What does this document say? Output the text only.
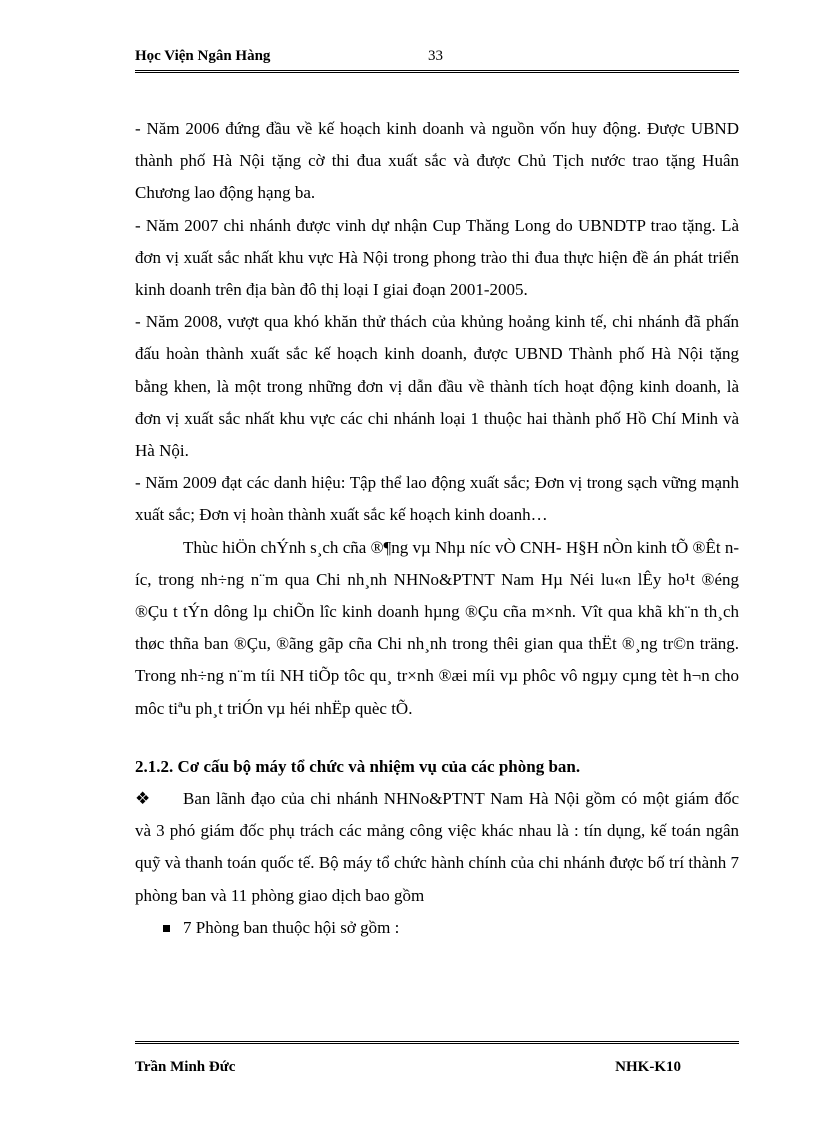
Học Viện Ngân Hàng	33

- Năm 2006 đứng đầu về kế hoạch kinh doanh và nguồn vốn huy động. Được UBND thành phố Hà Nội tặng cờ thi đua xuất sắc và được Chủ Tịch nước trao tặng Huân Chương lao động hạng ba.

- Năm 2007 chi nhánh được vinh dự nhận Cup Thăng Long do UBNDTP trao tặng. Là đơn vị xuất sắc nhất khu vực Hà Nội trong phong trào thi đua thực hiện đề án phát triển kinh doanh trên địa bàn đô thị loại I giai đoạn 2001-2005.

- Năm 2008, vượt qua khó khăn thử thách của khủng hoảng kinh tế, chi nhánh đã phấn đấu hoàn thành xuất sắc kế hoạch kinh doanh, được UBND Thành phố Hà Nội tặng bằng khen, là một trong những đơn vị dẫn đầu về thành tích hoạt động kinh doanh, là đơn vị xuất sắc nhất khu vực các chi nhánh loại 1 thuộc hai thành phố Hồ Chí Minh và Hà Nội.

- Năm 2009 đạt các danh hiệu: Tập thể lao động xuất sắc; Đơn vị trong sạch vững mạnh xuất sắc; Đơn vị hoàn thành xuất sắc kế hoạch kinh doanh…

Thùc hiÖn chÝnh s¸ch cña ®¶ng vµ Nhµ níc vÒ CNH- H§H nÒn kinh tÕ ®Êt níc, trong nh÷ng n¨m qua Chi nh¸nh NHNo&PTNT Nam Hµ Néi lu«n lÊy ho¹t ®éng ®Çu t tÝn dông lµ chiÕn lîc kinh doanh hµng ®Çu cña m×nh. Vît qua khã kh¨n th¸ch thøc thña ban ®Çu, ®ãng gãp cña Chi nh¸nh trong thêi gian qua thËt ®¸ng tr©n träng. Trong nh÷ng n¨m tíi NH tiÕp tôc qu¸ tr×nh ®æi míi vµ phôc vô ngµy cµng tèt h¬n cho môc tiªu ph¸t triÓn vµ héi nhËp quèc tÕ.

2.1.2. Cơ cấu bộ máy tổ chức và nhiệm vụ của các phòng ban.

❖ Ban lãnh đạo của chi nhánh NHNo&PTNT Nam Hà Nội gồm có một giám đốc và 3 phó giám đốc phụ trách các mảng công việc khác nhau là : tín dụng, kế toán ngân quỹ và thanh toán quốc tế. Bộ máy tổ chức hành chính của chi nhánh được bố trí thành 7 phòng ban và 11 phòng giao dịch bao gồm

7 Phòng ban thuộc hội sở gồm :

Trần Minh Đức	NHK-K10
